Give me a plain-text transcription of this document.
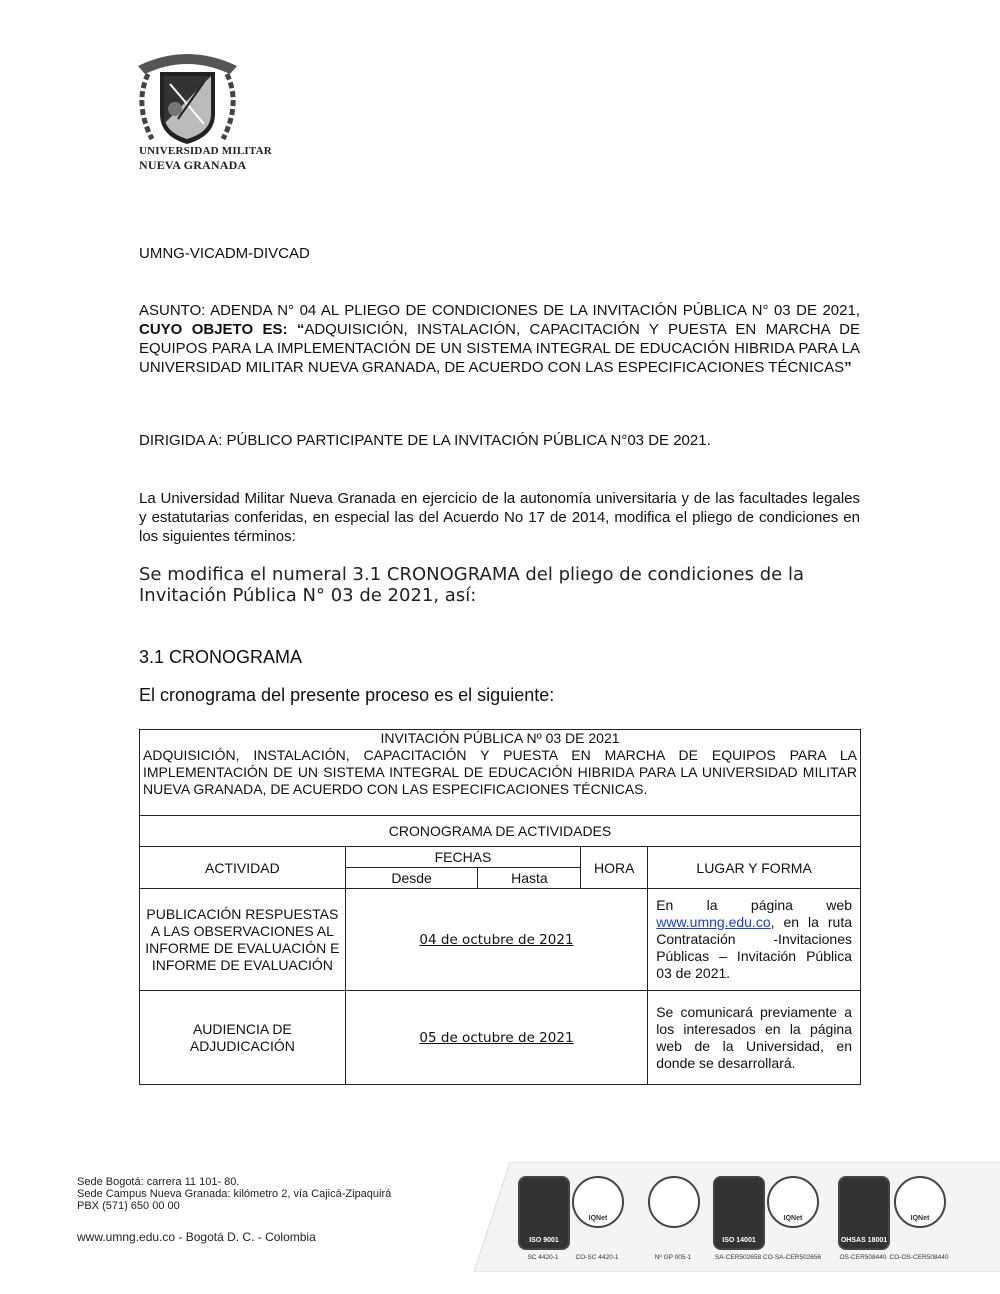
SCIENTIAE PATRIAE FAMILIAE
UNIVERSIDAD MILITAR
NUEVA GRANADA
UMNG-VICADM-DIVCAD
ASUNTO: ADENDA N° 04 AL PLIEGO DE CONDICIONES DE LA INVITACIÓN PÚBLICA N° 03 DE 2021, CUYO OBJETO ES: “ADQUISICIÓN, INSTALACIÓN, CAPACITACIÓN Y PUESTA EN MARCHA DE EQUIPOS PARA LA IMPLEMENTACIÓN DE UN SISTEMA INTEGRAL DE EDUCACIÓN HIBRIDA PARA LA UNIVERSIDAD MILITAR NUEVA GRANADA, DE ACUERDO CON LAS ESPECIFICACIONES TÉCNICAS”
DIRIGIDA A: PÚBLICO PARTICIPANTE DE LA INVITACIÓN PÚBLICA N°03 DE 2021.
La Universidad Militar Nueva Granada en ejercicio de la autonomía universitaria y de las facultades legales y estatutarias conferidas, en especial las del Acuerdo No 17 de 2014, modifica el pliego de condiciones en los siguientes términos:
Se modifica el numeral 3.1 CRONOGRAMA del pliego de condiciones de la Invitación Pública N° 03 de 2021, así:
3.1 CRONOGRAMA
El cronograma del presente proceso es el siguiente:
INVITACIÓN PÚBLICA Nº 03 DE 2021
ADQUISICIÓN, INSTALACIÓN, CAPACITACIÓN Y PUESTA EN MARCHA DE EQUIPOS PARA LA IMPLEMENTACIÓN DE UN SISTEMA INTEGRAL DE EDUCACIÓN HIBRIDA PARA LA UNIVERSIDAD MILITAR NUEVA GRANADA, DE ACUERDO CON LAS ESPECIFICACIONES TÉCNICAS.				

CRONOGRAMA DE ACTIVIDADES				
ACTIVIDAD	FECHAS		HORA	LUGAR Y FORMA
	Desde	Hasta		
PUBLICACIÓN RESPUESTAS A LAS OBSERVACIONES AL INFORME DE EVALUACIÓN E INFORME DE EVALUACIÓN	04 de octubre de 2021			En la página web www.umng.edu.co, en la ruta Contratación -Invitaciones Públicas – Invitación Pública 03 de 2021.
AUDIENCIA DE ADJUDICACIÓN	05 de octubre de 2021			Se comunicará previamente a los interesados en la página web de la Universidad, en donde se desarrollará.
Sede Bogotá: carrera 11 101- 80.
Sede Campus Nueva Granada: kilómetro 2, vía Cajicá-Zipaquirá
PBX (571) 650 00 00
www.umng.edu.co - Bogotá D. C. - Colombia	ISO 9001
SC 4420-1
IQNet
CO-SC 4420-1	Nº GP 005-1
ISO 14001
SA-CER502658
IQNet
CO-SA-CER502656
OHSAS 18001
OS-CER508440
IQNet
CO-OS-CER508440
